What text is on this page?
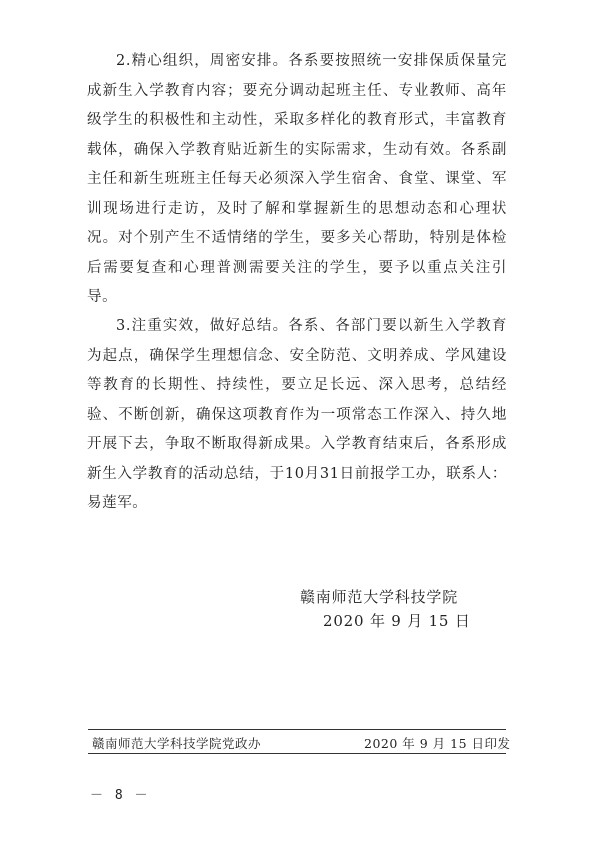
2.精心组织，周密安排。各系要按照统一安排保质保量完成新生入学教育内容；要充分调动起班主任、专业教师、高年级学生的积极性和主动性，采取多样化的教育形式，丰富教育载体，确保入学教育贴近新生的实际需求，生动有效。各系副主任和新生班班主任每天必须深入学生宿舍、食堂、课堂、军训现场进行走访，及时了解和掌握新生的思想动态和心理状况。对个别产生不适情绪的学生，要多关心帮助，特别是体检后需要复查和心理普测需要关注的学生，要予以重点关注引导。

3.注重实效，做好总结。各系、各部门要以新生入学教育为起点，确保学生理想信念、安全防范、文明养成、学风建设等教育的长期性、持续性，要立足长远、深入思考，总结经验、不断创新，确保这项教育作为一项常态工作深入、持久地开展下去，争取不断取得新成果。入学教育结束后，各系形成新生入学教育的活动总结，于10月31日前报学工办，联系人：易莲军。

赣南师范大学科技学院
2020 年 9 月 15 日
赣南师范大学科技学院党政办	2020 年 9 月 15 日印发
－ 8 －
